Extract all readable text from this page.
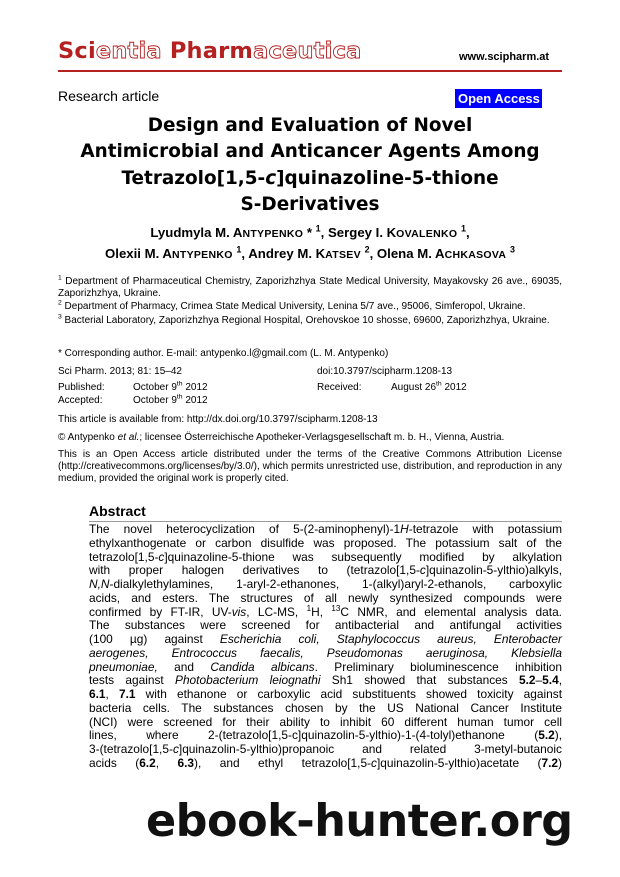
Scientia Pharmaceutica	www.scipharm.at
Research article	Open Access
Design and Evaluation of Novel
Antimicrobial and Anticancer Agents Among
Tetrazolo[1,5-c]quinazoline-5-thione
S-Derivatives
Lyudmyla M. ANTYPENKO * $^1$, Sergey I. KOVALENKO $^1$,
Olexii M. ANTYPENKO $^1$, Andrey M. KATSEV $^2$, Olena M. ACHKASOVA $^3$

$^1$ Department of Pharmaceutical Chemistry, Zaporizhzhya State Medical University, Mayakovsky 26 ave., 69035, Zaporizhzhya, Ukraine.

$^2$ Department of Pharmacy, Crimea State Medical University, Lenina 5/7 ave., 95006, Simferopol, Ukraine.

$^3$ Bacterial Laboratory, Zaporizhzhya Regional Hospital, Orehovskoe 10 shosse, 69600, Zaporizhzhya, Ukraine.

* Corresponding author. E-mail: antypenko.l@gmail.com (L. M. Antypenko)
Sci Pharm. 2013; 81: 15–42	doi:10.3797/scipharm.1208-13
Published:	October 9th 2012	Received:	August 26th 2012
Accepted:	October 9th 2012
This article is available from: http://dx.doi.org/10.3797/scipharm.1208-13
© Antypenko et al.; licensee Österreichische Apotheker-Verlagsgesellschaft m. b. H., Vienna, Austria.
This is an Open Access article distributed under the terms of the Creative Commons Attribution License (http://creativecommons.org/licenses/by/3.0/), which permits unrestricted use, distribution, and reproduction in any medium, provided the original work is properly cited.
Abstract
The novel heterocyclization of 5-(2-aminophenyl)-1H-tetrazole with potassium
ethylxanthogenate or carbon disulfide was proposed. The potassium salt of the
tetrazolo[1,5-c]quinazoline-5-thione was subsequently modified by alkylation
with proper halogen derivatives to (tetrazolo[1,5-c]quinazolin-5-ylthio)alkyls,
N,N-dialkylethylamines, 1-aryl-2-ethanones, 1-(alkyl)aryl-2-ethanols, carboxylic
acids, and esters. The structures of all newly synthesized compounds were
confirmed by FT-IR, UV-vis, LC-MS, $^1$H, $^{13}$C NMR, and elemental analysis data.
The substances were screened for antibacterial and antifungal activities
(100 µg) against Escherichia coli, Staphylococcus aureus, Enterobacter
aerogenes, Entrococcus faecalis, Pseudomonas aeruginosa, Klebsiella
pneumoniae, and Candida albicans. Preliminary bioluminescence inhibition
tests against Photobacterium leiognathi Sh1 showed that substances 5.2–5.4,
6.1, 7.1 with ethanone or carboxylic acid substituents showed toxicity against
bacteria cells. The substances chosen by the US National Cancer Institute
(NCI) were screened for their ability to inhibit 60 different human tumor cell
lines, where 2-(tetrazolo[1,5-c]quinazolin-5-ylthio)-1-(4-tolyl)ethanone (5.2),
3-(tetrazolo[1,5-c]quinazolin-5-ylthio)propanoic and related 3-metyl-butanoic
acids (6.2, 6.3), and ethyl tetrazolo[1,5-c]quinazolin-5-ylthio)acetate (7.2)
ebook-hunter.org
